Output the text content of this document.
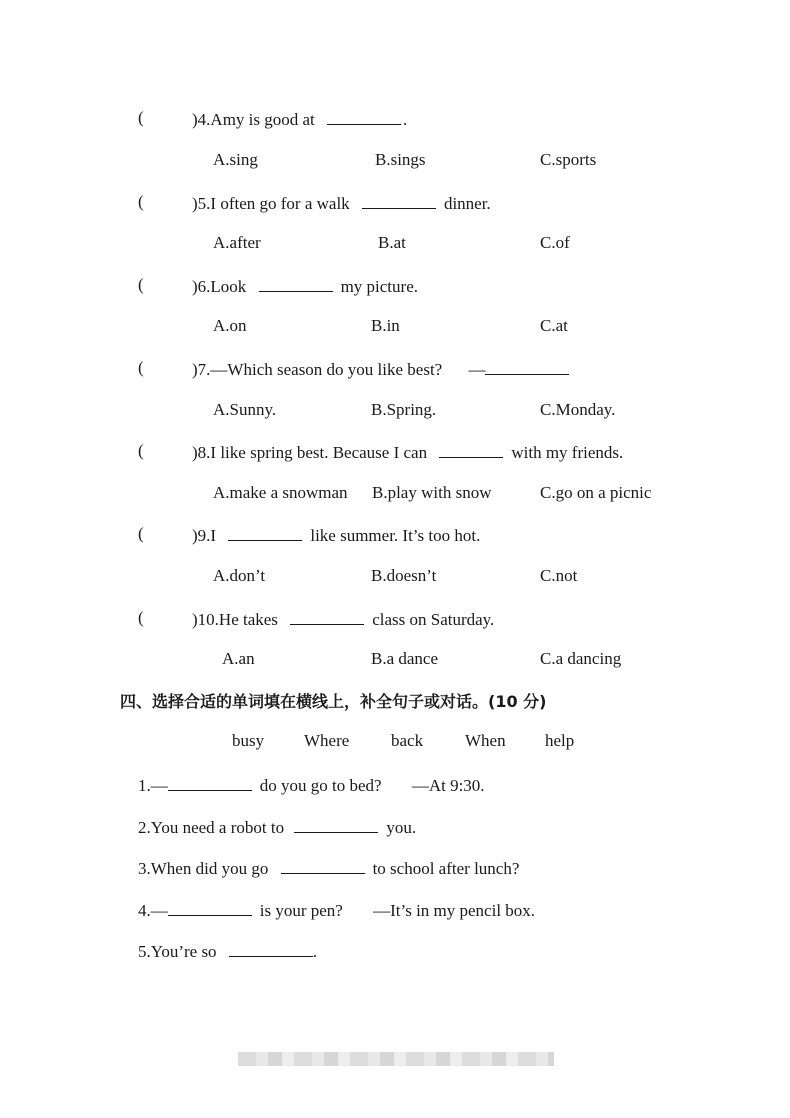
(	)4.Amy is good at	.
A.sing	B.sings	C.sports
(	)5.I often go for a walk	dinner.
A.after	B.at	C.of
(	)6.Look	my picture.
A.on	B.in	C.at
(	)7.—Which season do you like best? —
A.Sunny.	B.Spring.	C.Monday.
(	)8.I like spring best. Because I can	with my friends.
A.make a snowman B.play with snow	C.go on a picnic
(	)9.I	like summer. It’s too hot.
A.don’t	B.doesn’t	C.not
(	)10.He takes	class on Saturday.
A.an	B.a dance	C.a dancing
四、选择合适的单词填在横线上，补全句子或对话。(10 分)
busy Where back When help
1.—	do you go to bed? —At 9:30.
2.You need a robot to	you.
3.When did you go	to school after lunch?
4.—	is your pen? —It’s in my pencil box.
5.You’re so	.
